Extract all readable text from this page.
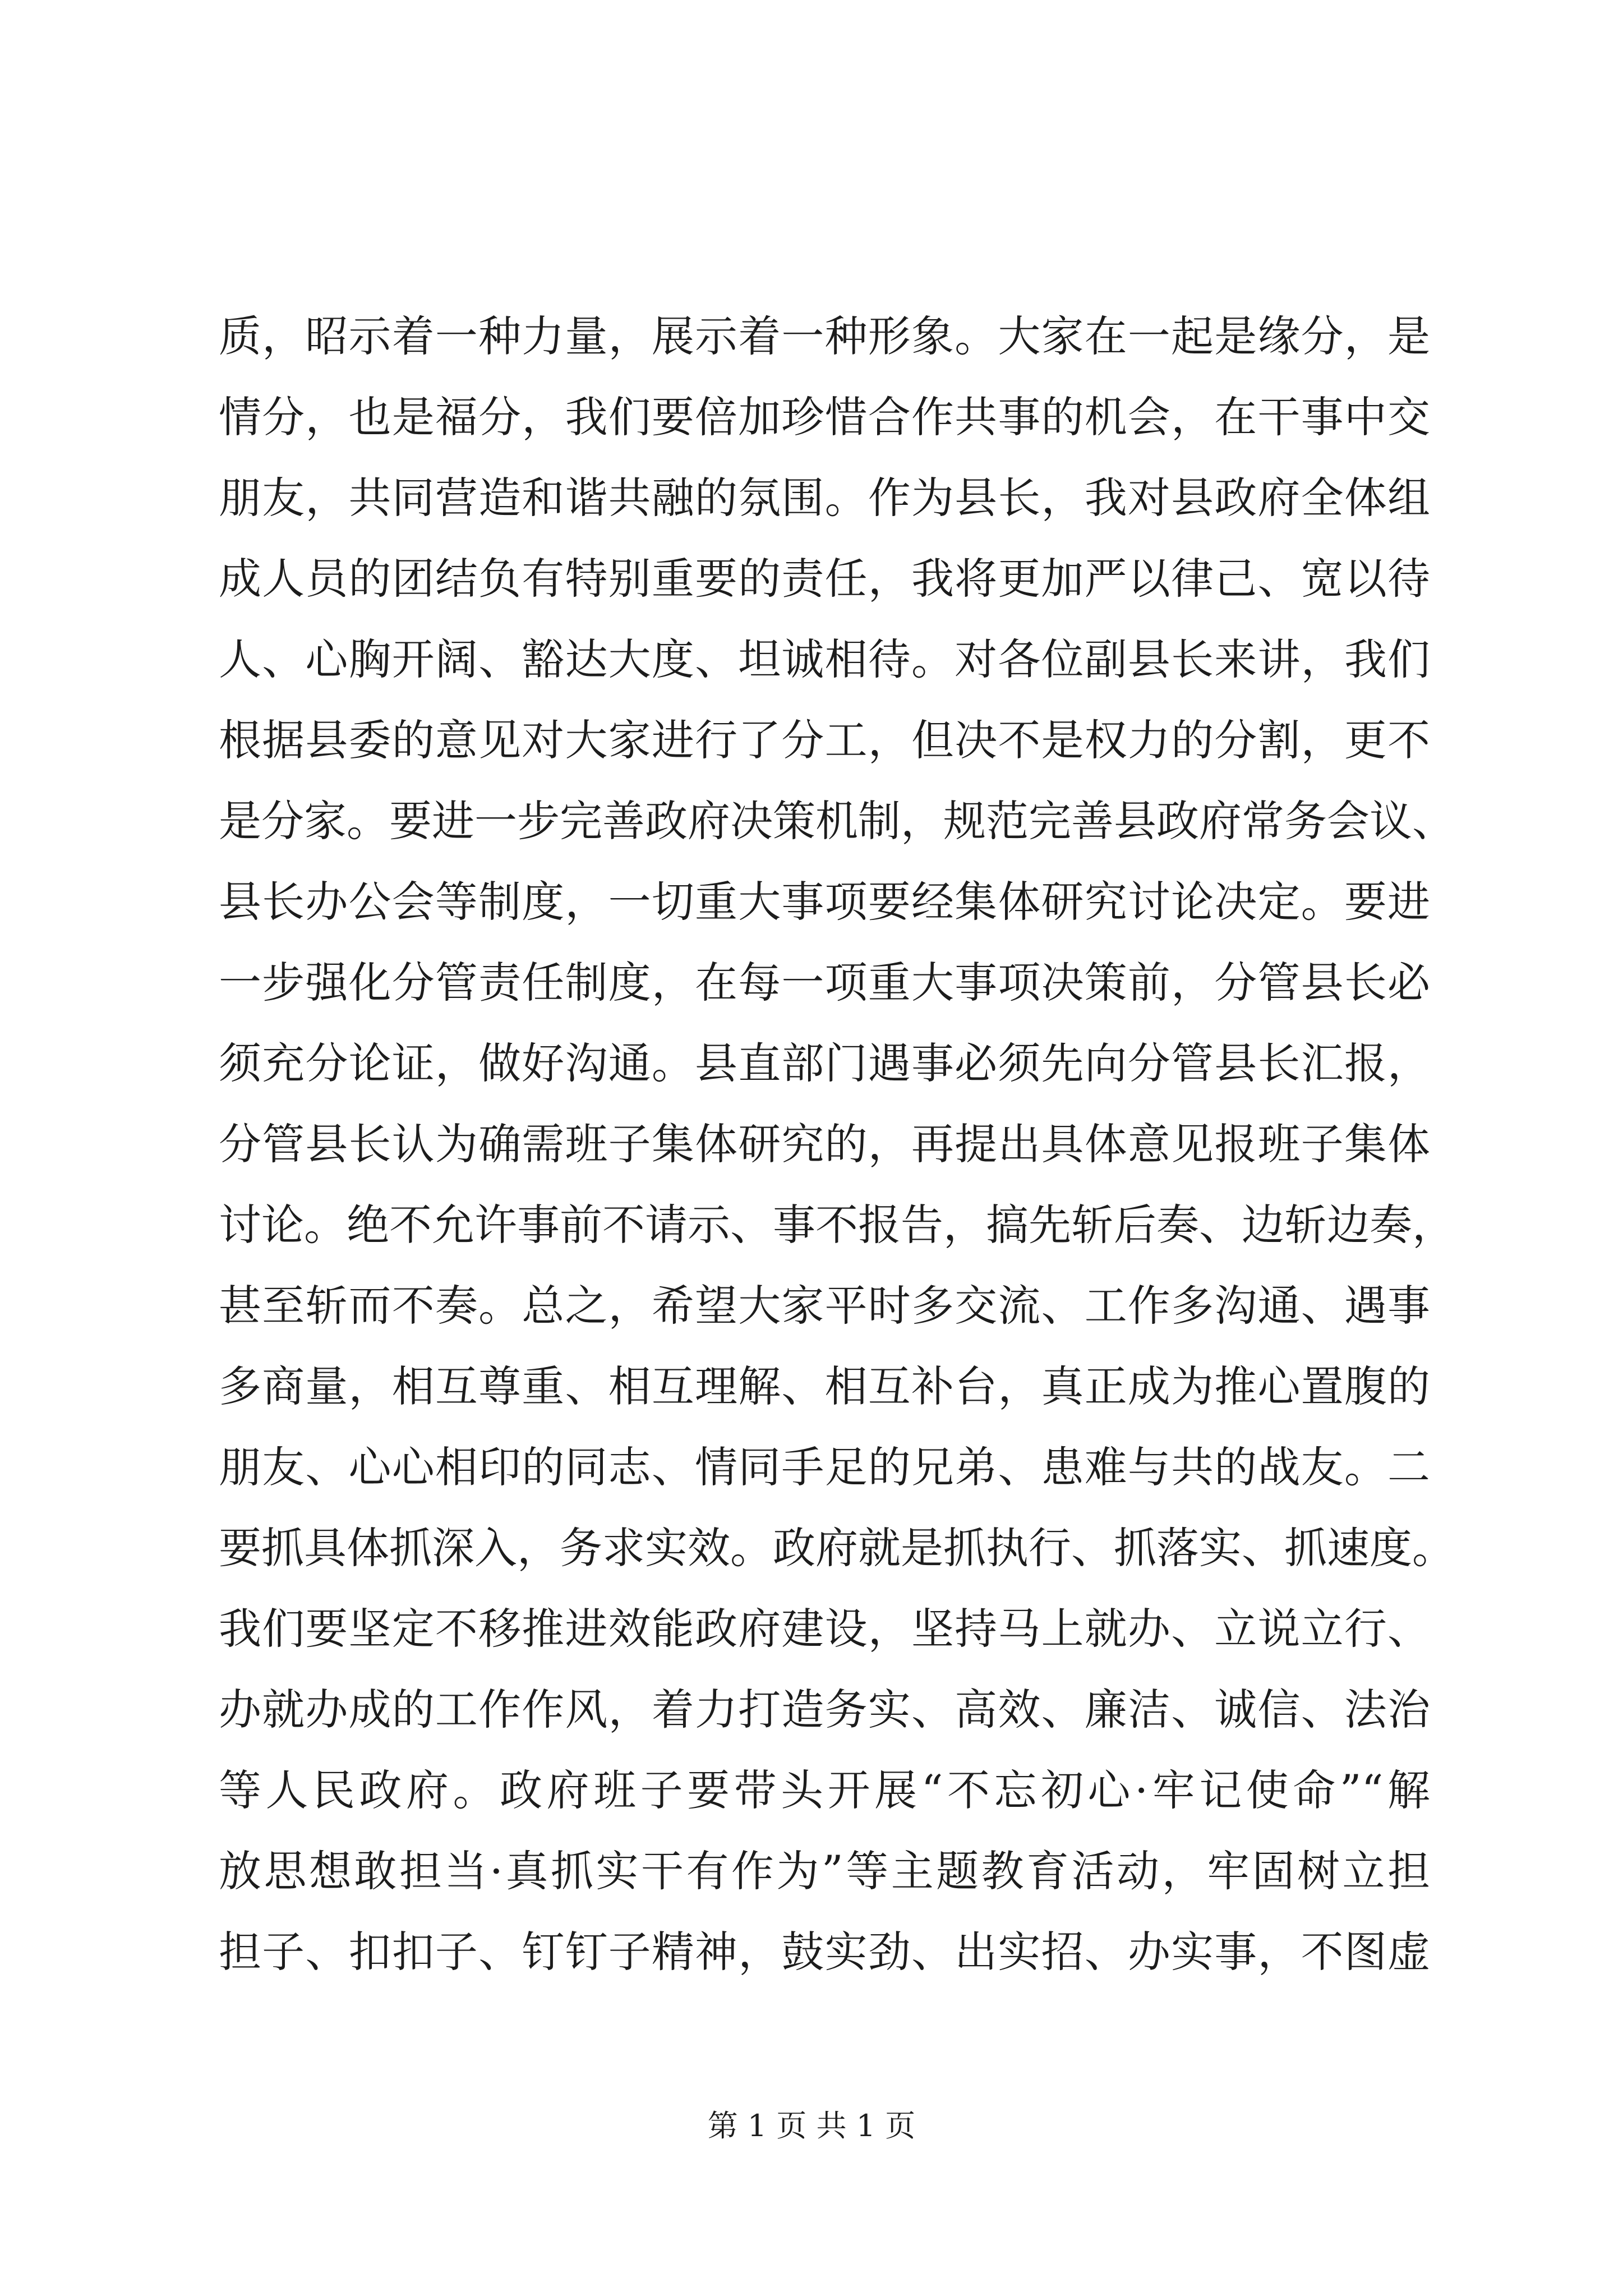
质，昭示着一种力量，展示着一种形象。大家在一起是缘分，是
情分，也是福分，我们要倍加珍惜合作共事的机会，在干事中交
朋友，共同营造和谐共融的氛围。作为县长，我对县政府全体组
成人员的团结负有特别重要的责任，我将更加严以律己、宽以待
人、心胸开阔、豁达大度、坦诚相待。对各位副县长来讲，我们
根据县委的意见对大家进行了分工，但决不是权力的分割，更不
是分家。要进一步完善政府决策机制，规范完善县政府常务会议、
县长办公会等制度，一切重大事项要经集体研究讨论决定。要进
一步强化分管责任制度，在每一项重大事项决策前，分管县长必
须充分论证，做好沟通。县直部门遇事必须先向分管县长汇报，
分管县长认为确需班子集体研究的，再提出具体意见报班子集体
讨论。绝不允许事前不请示、事不报告，搞先斩后奏、边斩边奏，
甚至斩而不奏。总之，希望大家平时多交流、工作多沟通、遇事
多商量，相互尊重、相互理解、相互补台，真正成为推心置腹的
朋友、心心相印的同志、情同手足的兄弟、患难与共的战友。二
要抓具体抓深入，务求实效。政府就是抓执行、抓落实、抓速度。
我们要坚定不移推进效能政府建设，坚持马上就办、立说立行、
办就办成的工作作风，着力打造务实、高效、廉洁、诚信、法治
等人民政府。政府班子要带头开展“不忘初心·牢记使命”“解
放思想敢担当·真抓实干有作为”等主题教育活动，牢固树立担
担子、扣扣子、钉钉子精神，鼓实劲、出实招、办实事，不图虚
第 1 页 共 1 页
